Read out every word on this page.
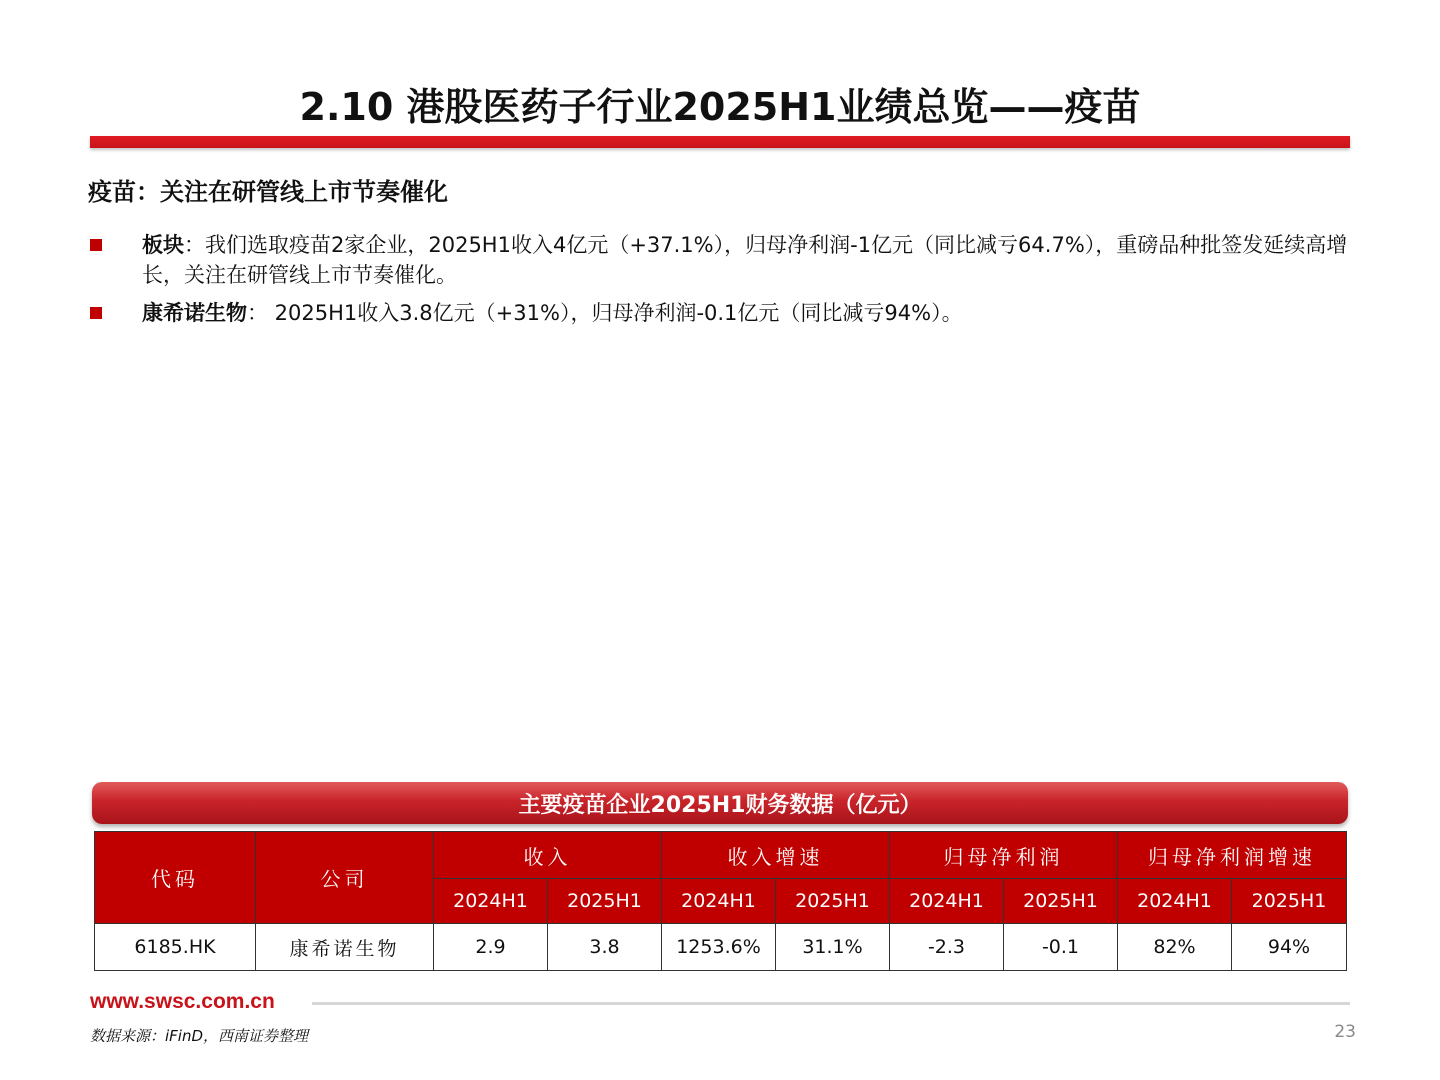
2.10 港股医药子行业2025H1业绩总览——疫苗
疫苗：关注在研管线上市节奏催化
板块：我们选取疫苗2家企业，2025H1收入4亿元（+37.1%），归母净利润-1亿元（同比减亏64.7%），重磅品种批签发延续高增长，关注在研管线上市节奏催化。
康希诺生物： 2025H1收入3.8亿元（+31%），归母净利润-0.1亿元（同比减亏94%）。
主要疫苗企业2025H1财务数据（亿元）
代码	公司	收入		收入增速		归母净利润		归母净利润增速	
		2024H1	2025H1	2024H1	2025H1	2024H1	2025H1	2024H1	2025H1
6185.HK	康希诺生物	2.9	3.8	1253.6%	31.1%	-2.3	-0.1	82%	94%
www.swsc.com.cn
数据来源：iFinD，西南证券整理	23
